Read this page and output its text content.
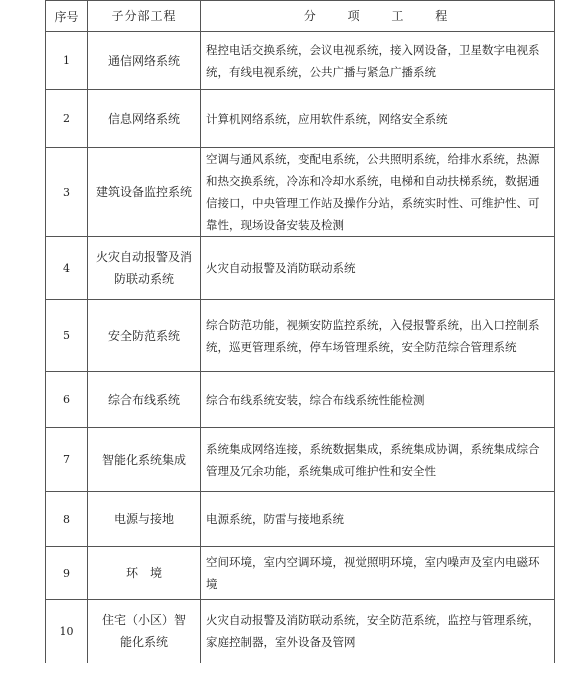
序号	子分部工程	分 项 工 程
1	通信网络系统	程控电话交换系统，会议电视系统，接入网设备，卫星数字电视系统，有线电视系统，公共广播与紧急广播系统
2	信息网络系统	计算机网络系统，应用软件系统，网络安全系统
3	建筑设备监控系统	空调与通风系统，变配电系统，公共照明系统，给排水系统，热源和热交换系统，冷冻和冷却水系统，电梯和自动扶梯系统，数据通信接口，中央管理工作站及操作分站，系统实时性、可维护性、可靠性，现场设备安装及检测
4	火灾自动报警及消防联动系统	火灾自动报警及消防联动系统
5	安全防范系统	综合防范功能，视频安防监控系统，入侵报警系统，出入口控制系统，巡更管理系统，停车场管理系统，安全防范综合管理系统
6	综合布线系统	综合布线系统安装，综合布线系统性能检测
7	智能化系统集成	系统集成网络连接，系统数据集成，系统集成协调，系统集成综合管理及冗余功能，系统集成可维护性和安全性
8	电源与接地	电源系统，防雷与接地系统
9	环　境	空间环境，室内空调环境，视觉照明环境，室内噪声及室内电磁环境
10	住宅（小区）智能化系统	火灾自动报警及消防联动系统，安全防范系统，监控与管理系统，家庭控制器，室外设备及管网
